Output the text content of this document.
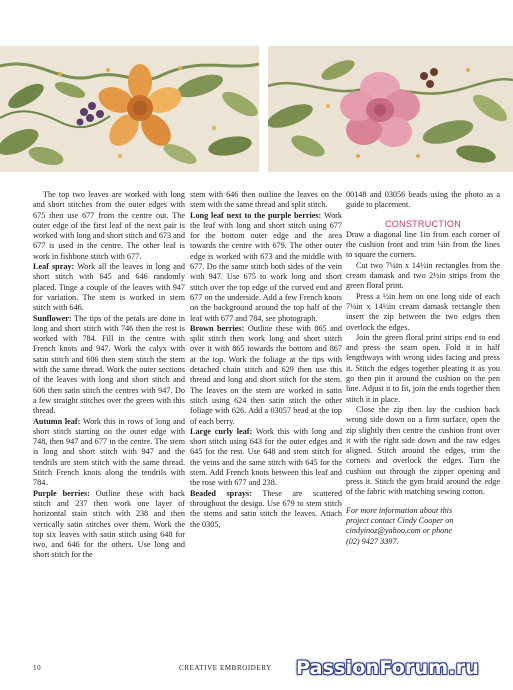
The top two leaves are worked with long and short stitches from the outer edges with 675 then use 677 from the centre out. The outer edge of the first leaf of the next pair is worked with long and short stitch and 673 and 677 is used in the centre. The other leaf is work in fishbone stitch with 677.

Leaf spray: Work all the leaves in long and short stitch with 645 and 646 randomly placed. Tinge a couple of the leaves with 947 for variation. The stem is worked in stem stitch with 646.

Sunflower: The tips of the petals are done in long and short stitch with 746 then the rest is worked with 784. Fill in the centre with French knots and 947. Work the calyx with satin stitch and 606 then stem stitch the stem with the same thread. Work the outer sections of the leaves with long and short stitch and 606 then satin stitch the centres with 947. Do a few straight stitches over the green with this thread.

Autumn leaf: Work this in rows of long and short stitch starting on the outer edge with 748, then 947 and 677 in the centre. The stem is long and short stitch with 947 and the tendrils are stem stitch with the same thread. Stitch French knots along the tendrils with 784.

Purple berries: Outline these with back stitch and 237 then work one layer of horizontal stain stitch with 238 and then vertically satin stitches over them. Work the top six leaves with satin stitch using 648 for two, and 646 for the others. Use long and short stitch for the

stem with 646 then outline the leaves on the stem with the same thread and split stitch.

Long leaf next to the purple berries: Work the leaf with long and short stitch using 677 for the bottom outer edge and the area towards the centre with 679. The other outer edge is worked with 673 and the middle with 677. Do the same stitch both sides of the vein with 947. Use 675 to work long and short stitch over the top edge of the curved end and 677 on the underside. Add a few French knots on the background around the top half of the leaf with 677 and 784, see photograph.

Brown berries: Outline these with 865 and split stitch then work long and short stitch over it with 865 towards the bottom and 867 at the top. Work the foliage at the tips with detached chain stitch and 629 then use this thread and long and short stitch for the stem. The leaves on the stem are worked in satin stitch using 624 then satin stitch the other foliage with 626. Add a 03057 bead at the top of each berry.

Large curly leaf: Work this with long and short stitch using 643 for the outer edges and 645 for the rest. Use 648 and stem stitch for the veins and the same stitch with 645 for the stem. Add French knots between this leaf and the rose with 677 and 238.

Beaded sprays: These are scattered throughout the design. Use 679 to stem stitch the stems and satin stitch the leaves. Attach the 0305,

00148 and 03056 beads using the photo as a guide to placement.

CONSTRUCTION

Draw a diagonal line 1in from each corner of the cushion front and trim ¼in from the lines to square the corners.

Cut two 7¼in x 14½in rectangles from the cream damask and two 2½in strips from the green floral print.

Press a ½in hem on one long side of each 7¼in x 14½in cream damask rectangle then insert the zip between the two edges then overlock the edges.

Join the green floral print strips end to end and press the seam open. Fold it in half lengthways with wrong sides facing and press it. Stitch the edges together pleating it as you go then pin it around the cushion on the pen line. Adjust it to fit, join the ends together then stitch it in place.

Close the zip then lay the cushion back wrong side down on a firm surface, open the zip slightly then centre the cushion front over it with the right side down and the raw edges aligned. Stitch around the edges, trim the corners and overlock the edges. Turn the cushion out through the zipper opening and press it. Stitch the gym braid around the edge of the fabric with matching sewing cotton.

For more information about this
project contact Cindy Cooper on
cindyinoz@yahoo.com or phone
(02) 9427 3397.
10	CREATIVE EMBROIDERY PassionForum.ru
